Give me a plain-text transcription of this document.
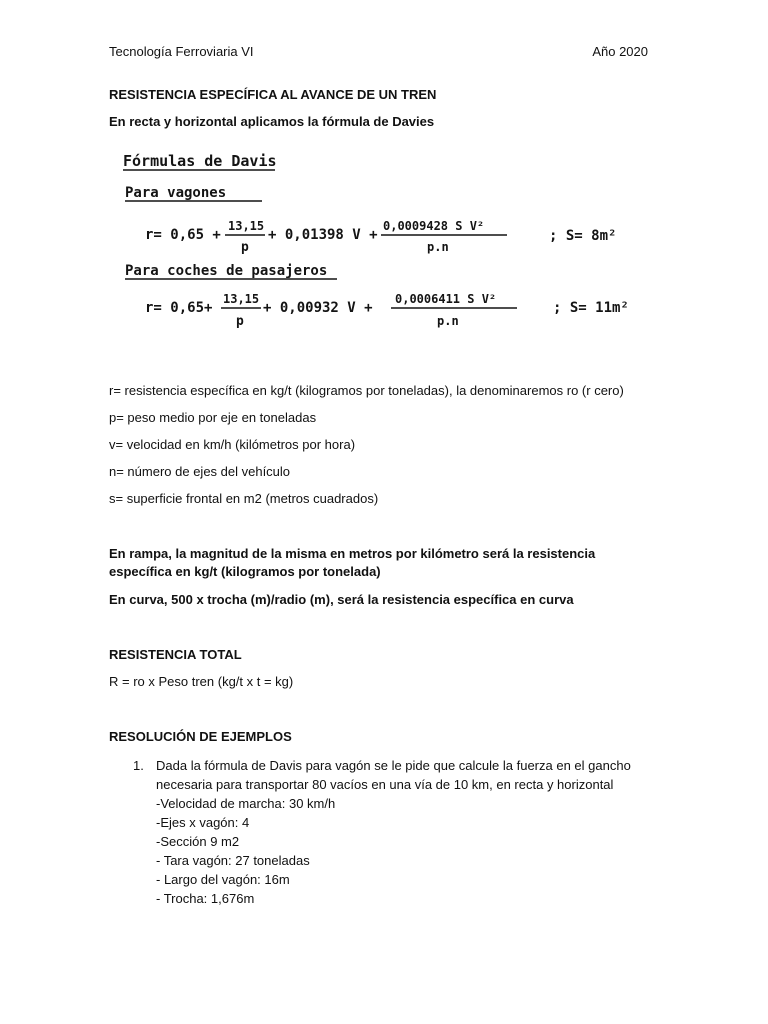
Tecnología Ferroviaria VI	Año 2020
RESISTENCIA ESPECÍFICA AL AVANCE DE UN TREN
En recta y horizontal aplicamos la fórmula de Davies
Fórmulas de Davis
Para vagones
r= 0,65 +
13,15
p
+ 0,01398 V +
0,0009428 S V²
p.n
; S= 8m²
Para coches de pasajeros
r= 0,65+
13,15
p
+ 0,00932 V +
0,0006411 S V²
p.n
; S= 11m²
r= resistencia específica en kg/t (kilogramos por toneladas), la denominaremos ro (r cero)
p= peso medio por eje en toneladas
v= velocidad en km/h (kilómetros por hora)
n= número de ejes del vehículo
s= superficie frontal en m2 (metros cuadrados)
En rampa, la magnitud de la misma en metros por kilómetro será la resistencia específica en kg/t (kilogramos por tonelada)
En curva, 500 x trocha (m)/radio (m), será la resistencia específica en curva
RESISTENCIA TOTAL
R = ro x Peso tren (kg/t x t = kg)
RESOLUCIÓN DE EJEMPLOS
1. Dada la fórmula de Davis para vagón se le pide que calcule la fuerza en el gancho necesaria para transportar 80 vacíos en una vía de 10 km, en recta y horizontal
-Velocidad de marcha: 30 km/h
-Ejes x vagón: 4
-Sección 9 m2
- Tara vagón: 27 toneladas
- Largo del vagón: 16m
- Trocha: 1,676m
